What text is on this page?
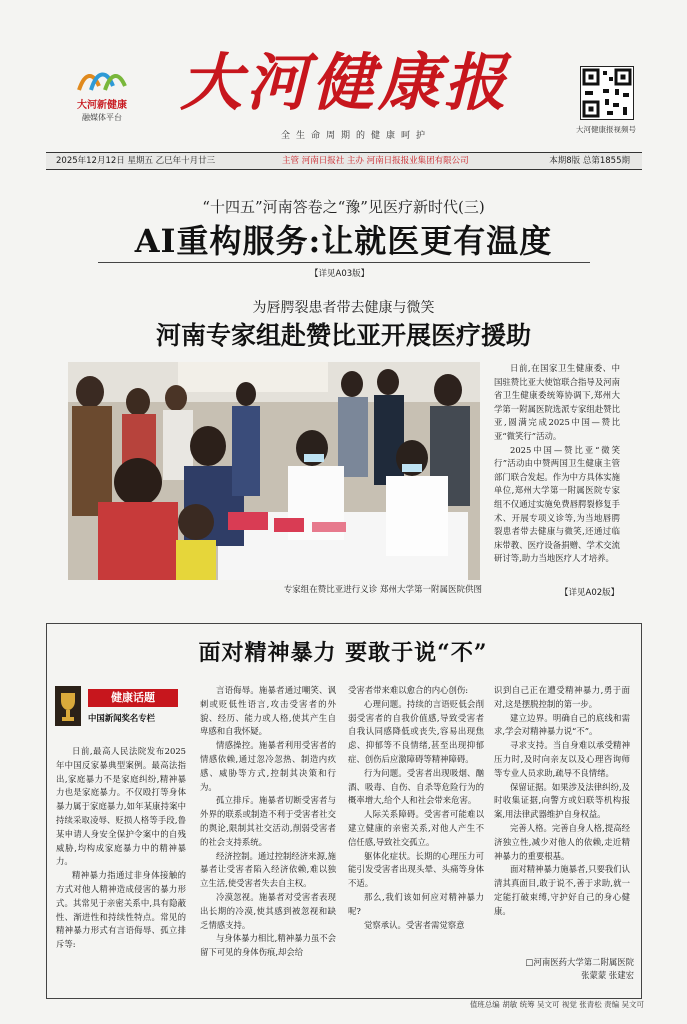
大河新健康
融媒体平台 大河健康报
全生命周期的健康呵护
大河健康报视频号
2025年12月12日 星期五 乙巳年十月廿三	主管 河南日报社 主办 河南日报报业集团有限公司	本期8版 总第1855期
“十四五”河南答卷之“豫”见医疗新时代(三)
AI重构服务:让就医更有温度
【详见A03版】
为唇腭裂患者带去健康与微笑
河南专家组赴赞比亚开展医疗援助
专家组在赞比亚进行义诊 郑州大学第一附属医院供图

日前,在国家卫生健康委、中国驻赞比亚大使馆联合指导及河南省卫生健康委统筹协调下,郑州大学第一附属医院选派专家组赴赞比亚,圆满完成2025中国—赞比亚“微笑行”活动。

2025中国—赞比亚“微笑行”活动由中赞两国卫生健康主管部门联合发起。作为中方具体实施单位,郑州大学第一附属医院专家组不仅通过实施免费唇腭裂修复手术、开展专项义诊等,为当地唇腭裂患者带去健康与微笑,还通过临床带教、医疗设备捐赠、学术交流研讨等,助力当地医疗人才培养。

【详见A02版】
面对精神暴力 要敢于说“不”
健康话题
中国新闻奖名专栏

日前,最高人民法院发布2025年中国反家暴典型案例。最高法指出,家庭暴力不是家庭纠纷,精神暴力也是家庭暴力。不仅殴打等身体暴力属于家庭暴力,如年某康持案中持续采取凌辱、贬损人格等手段,鲁某申请人身安全保护令案中的自残威胁,均构成家庭暴力中的精神暴力。

精神暴力指通过非身体接触的方式对他人精神造成侵害的暴力形式。其常见于亲密关系中,具有隐蔽性、渐进性和持续性特点。常见的精神暴力形式有言语侮辱、孤立排斥等:

言语侮辱。施暴者通过嘲笑、讽刺或贬低性语言,攻击受害者的外貌、经历、能力或人格,使其产生自卑感和自我怀疑。

情感操控。施暴者利用受害者的情感依赖,通过忽冷忽热、制造内疚感、威胁等方式,控制其决策和行为。

孤立排斥。施暴者切断受害者与外界的联系或制造不利于受害者社交的舆论,限制其社交活动,削弱受害者的社会支持系统。

经济控制。通过控制经济来源,施暴者让受害者陷入经济依赖,难以独立生活,使受害者失去自主权。

冷漠忽视。施暴者对受害者表现出长期的冷漠,使其感到被忽视和缺乏情感支持。

与身体暴力相比,精神暴力虽不会留下可见的身体伤痕,却会给

受害者带来难以愈合的内心创伤:

心理问题。持续的言语贬低会削弱受害者的自我价值感,导致受害者自我认同感降低或丧失,容易出现焦虑、抑郁等不良情绪,甚至出现抑郁症、创伤后应激障碍等精神障碍。

行为问题。受害者出现吸烟、酗酒、吸毒、自伤、自杀等危险行为的概率增大,给个人和社会带来危害。

人际关系障碍。受害者可能难以建立健康的亲密关系,对他人产生不信任感,导致社交孤立。

躯体化症状。长期的心理压力可能引发受害者出现头晕、头痛等身体不适。

那么,我们该如何应对精神暴力呢?

觉察承认。受害者需觉察意

识到自己正在遭受精神暴力,勇于面对,这是摆脱控制的第一步。

建立边界。明确自己的底线和需求,学会对精神暴力说“不”。

寻求支持。当自身难以承受精神压力时,及时向亲友以及心理咨询师等专业人员求助,疏导不良情绪。

保留证据。如果涉及法律纠纷,及时收集证据,向警方或妇联等机构报案,用法律武器维护自身权益。

完善人格。完善自身人格,提高经济独立性,减少对他人的依赖,走近精神暴力的重要根基。

面对精神暴力施暴者,只要我们认清其真面目,敢于说不,善于求助,就一定能打破束缚,守护好自己的身心健康。

□河南医药大学第二附属医院
张蒙蒙 张建宏
值班总编 胡敏 统筹 吴文可 视觉 张青松 责编 吴文可
